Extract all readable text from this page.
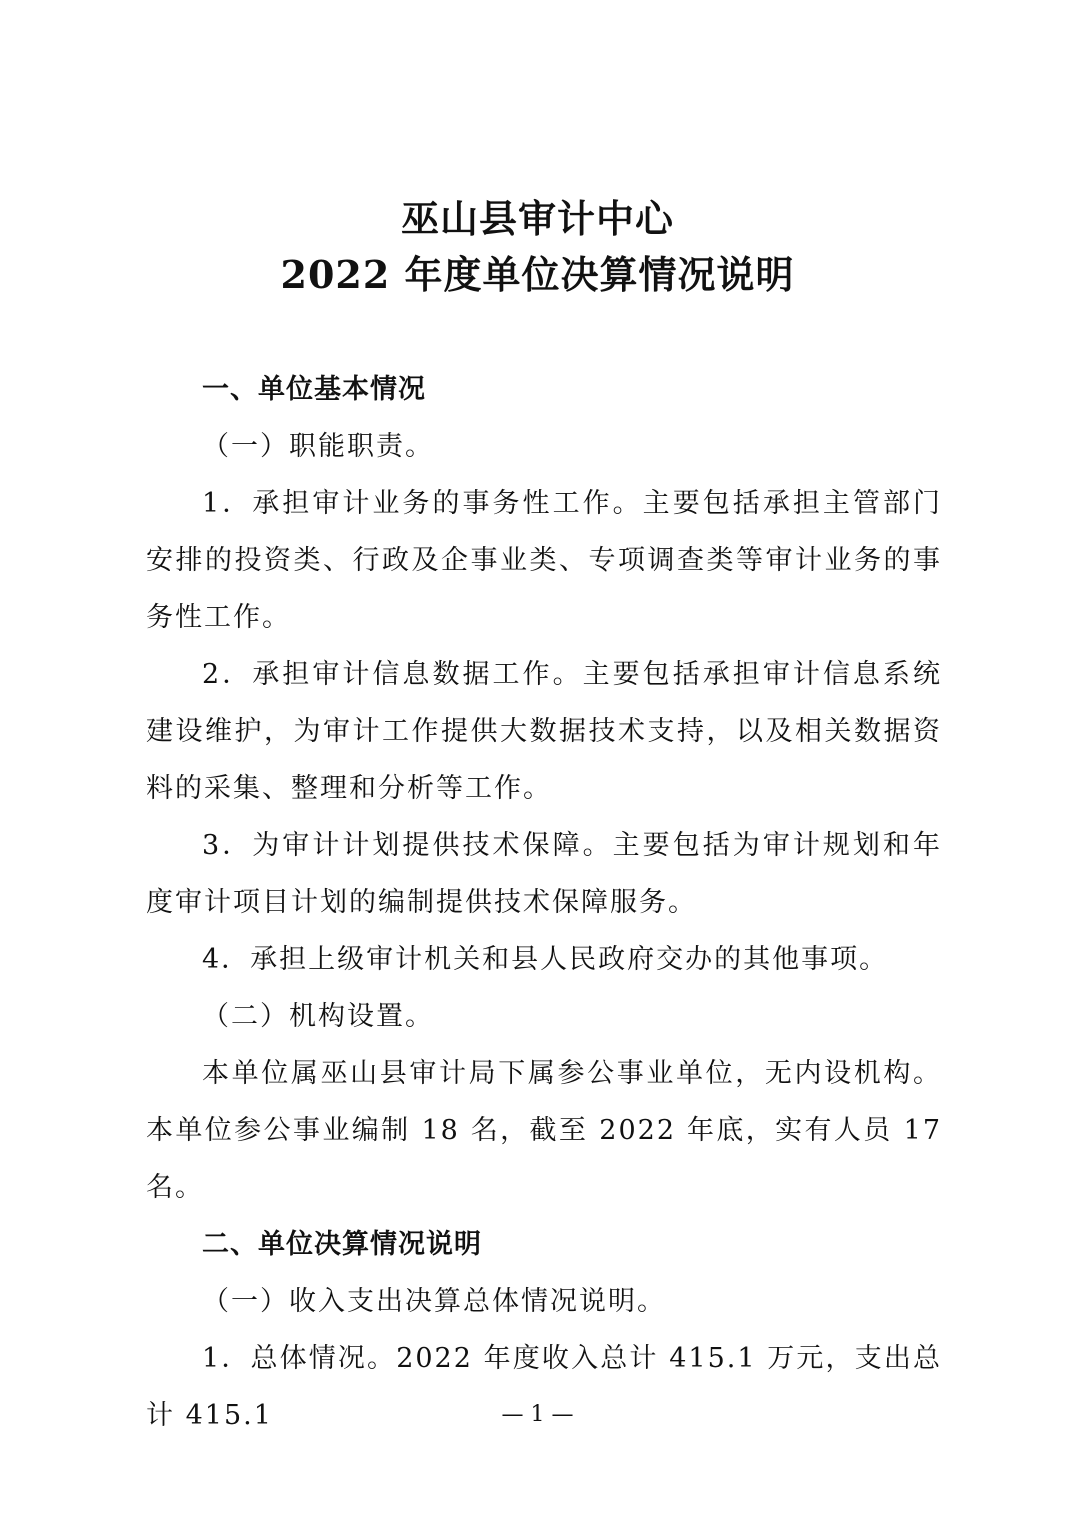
巫山县审计中心
2022 年度单位决算情况说明

一、单位基本情况

（一）职能职责。

1．承担审计业务的事务性工作。主要包括承担主管部门安排的投资类、行政及企事业类、专项调查类等审计业务的事务性工作。

2．承担审计信息数据工作。主要包括承担审计信息系统建设维护，为审计工作提供大数据技术支持，以及相关数据资料的采集、整理和分析等工作。

3．为审计计划提供技术保障。主要包括为审计规划和年度审计项目计划的编制提供技术保障服务。

4．承担上级审计机关和县人民政府交办的其他事项。

（二）机构设置。

本单位属巫山县审计局下属参公事业单位，无内设机构。本单位参公事业编制 18 名，截至 2022 年底，实有人员 17 名。

二、单位决算情况说明

（一）收入支出决算总体情况说明。

1．总体情况。2022 年度收入总计 415.1 万元，支出总计 415.1	— 1 —
